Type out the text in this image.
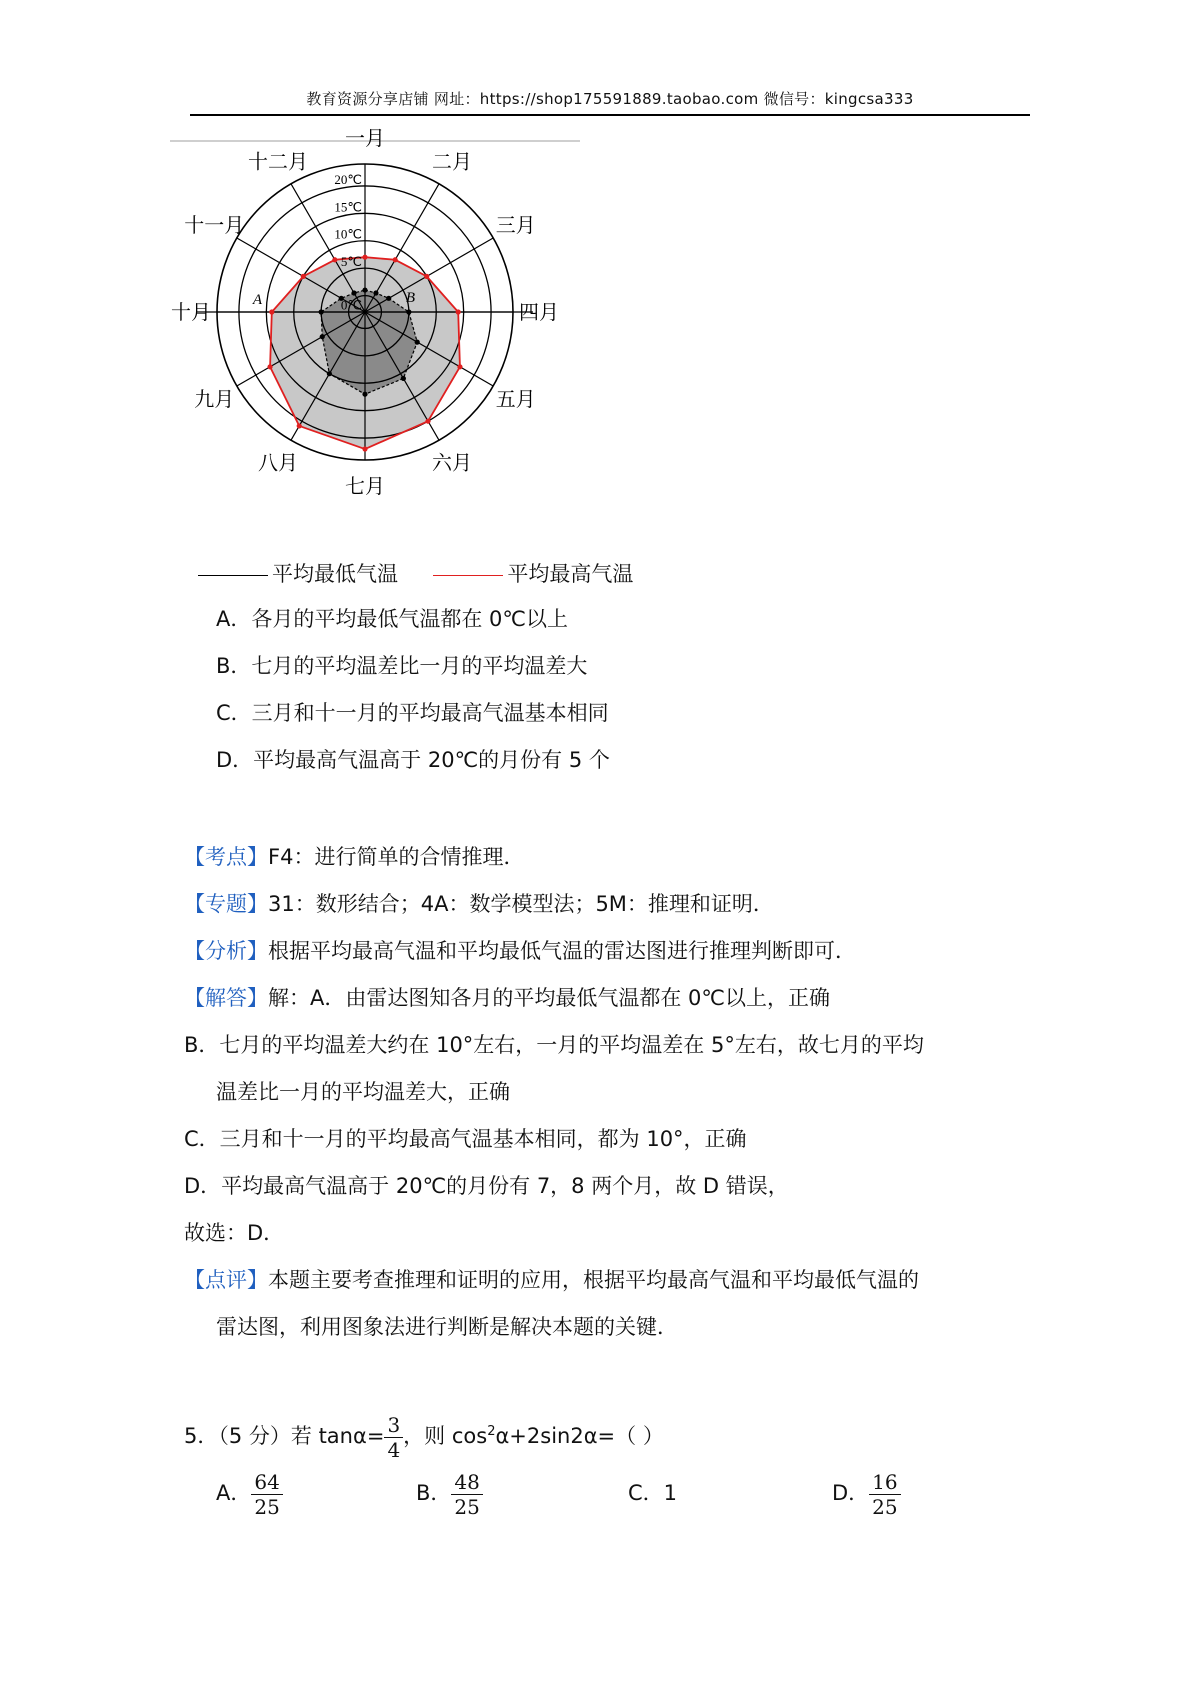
教育资源分享店铺 网址：https://shop175591889.taobao.com 微信号：kingcsa333
0℃
5℃
10℃
15℃
20℃
一月
二月
三月
四月
五月
六月
七月
八月
九月
十月
十一月
十二月
A	B
平均最低气温	平均最高气温
A．各月的平均最低气温都在 0℃以上
B．七月的平均温差比一月的平均温差大
C．三月和十一月的平均最高气温基本相同
D．平均最高气温高于 20℃的月份有 5 个
【考点】F4：进行简单的合情推理．
【专题】31：数形结合；4A：数学模型法；5M：推理和证明．
【分析】根据平均最高气温和平均最低气温的雷达图进行推理判断即可．
【解答】解：A．由雷达图知各月的平均最低气温都在 0℃以上，正确
B．七月的平均温差大约在 10°左右，一月的平均温差在 5°左右，故七月的平均
温差比一月的平均温差大，正确
C．三月和十一月的平均最高气温基本相同，都为 10°，正确
D．平均最高气温高于 20℃的月份有 7，8 两个月，故 D 错误，
故选：D．
【点评】本题主要考查推理和证明的应用，根据平均最高气温和平均最低气温的
雷达图，利用图象法进行判断是解决本题的关键．
5．（5 分）若 $\tan\alpha= \frac{3}{4}$ ，则 $\cos^2\alpha+2\sin 2\alpha=$（ ）
A． $\frac{64}{25}$	B． $\frac{48}{25}$	C．1	D． $\frac{16}{25}$
